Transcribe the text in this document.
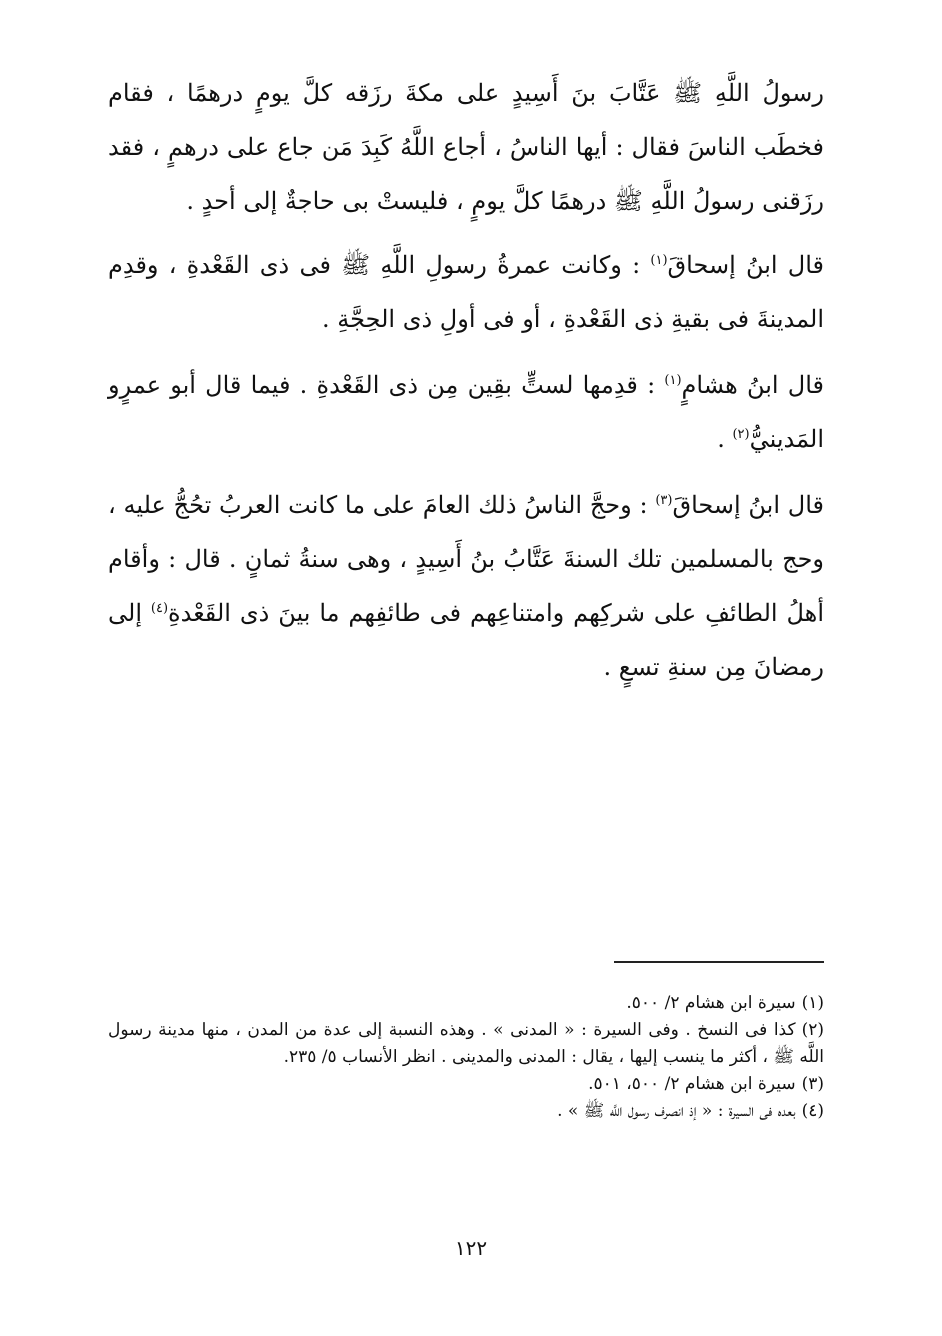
رسولُ اللَّهِ ﷺ عَتَّابَ بنَ أَسِيدٍ على مكةَ رزَقه كلَّ يومٍ درهمًا ، فقام فخطَب الناسَ فقال : أيها الناسُ ، أجاع اللَّهُ كَبِدَ مَن جاع على درهمٍ ، فقد رزَقنى رسولُ اللَّهِ ﷺ درهمًا كلَّ يومٍ ، فليستْ بى حاجةٌ إلى أحدٍ .

قال ابنُ إسحاقَ$^{(١)}$ : وكانت عمرةُ رسولِ اللَّهِ ﷺ فى ذى القَعْدةِ ، وقدِم المدينةَ فى بقيةِ ذى القَعْدةِ ، أو فى أولِ ذى الحِجَّةِ .

قال ابنُ هشامٍ$^{(١)}$ : قدِمها لستٍّ بقِين مِن ذى القَعْدةِ . فيما قال أبو عمرٍو المَدينيُّ$^{(٢)}$ .

قال ابنُ إسحاقَ$^{(٣)}$ : وحجَّ الناسُ ذلك العامَ على ما كانت العربُ تحُجُّ عليه ، وحج بالمسلمين تلك السنةَ عَتَّابُ بنُ أَسِيدٍ ، وهى سنةُ ثمانٍ . قال : وأقام أهلُ الطائفِ على شركِهم وامتناعِهم فى طائفِهم ما بينَ ذى القَعْدةِ$^{(٤)}$ إلى رمضانَ مِن سنةِ تسعٍ .

(١)سيرة ابن هشام ٢/ ٥٠٠.
(٢)كذا فى النسخ . وفى السيرة : « المدنى » . وهذه النسبة إلى عدة من المدن ، منها مدينة رسول اللَّه ﷺ ، أكثر ما ينسب إليها ، يقال : المدنى والمدينى . انظر الأنساب ٥/ ٢٣٥.
(٣)سيرة ابن هشام ٢/ ٥٠٠، ٥٠١.
(٤)بعده فى السيرة : « إذ انصرف رسول اللَّه ﷺ » .
١٢٢
